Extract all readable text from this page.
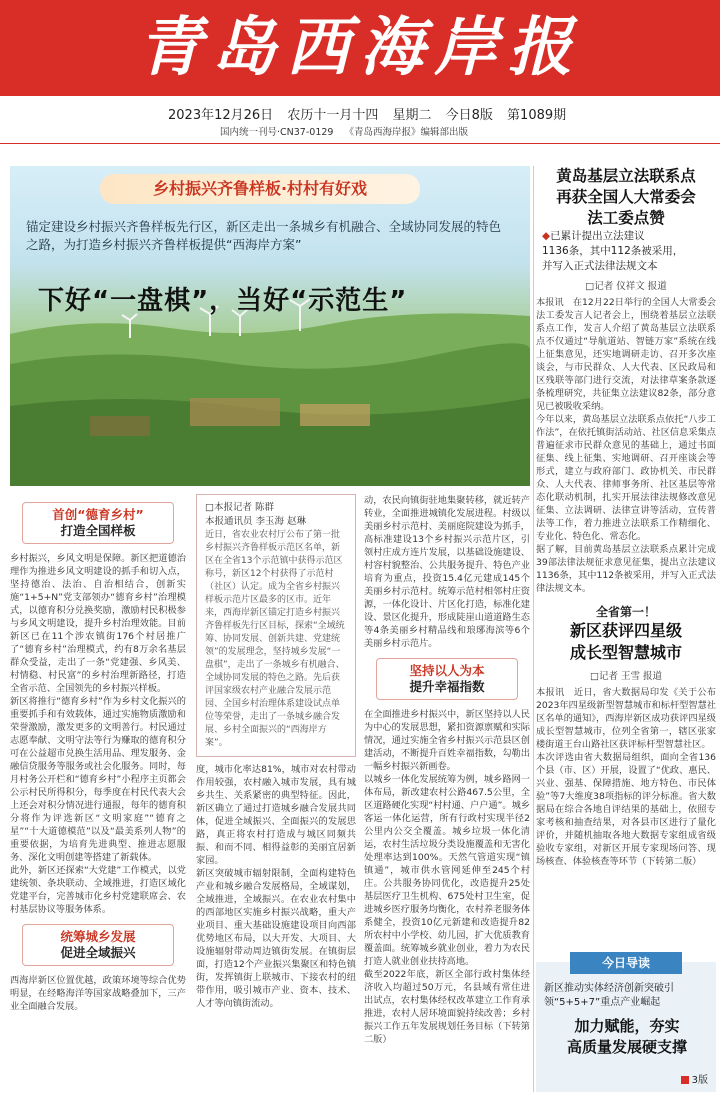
青岛西海岸报
2023年12月26日 农历十一月十四 星期二 今日8版 第1089期
国内统一刊号·CN37-0129 《青岛西海岸报》编辑部出版
乡村振兴齐鲁样板·村村有好戏
锚定建设乡村振兴齐鲁样板先行区，新区走出一条城乡有机融合、全域协同发展的特色之路，为打造乡村振兴齐鲁样板提供“西海岸方案”
下好“一盘棋”，当好“示范生”
首创“德育乡村”
打造全国样板

乡村振兴，乡风文明是保障。新区把道德治理作为推进乡风文明建设的抓手和切入点，坚持德治、法治、自治相结合，创新实施“1+5+N”党支部领办“德育乡村”治理模式，以德育积分兑换奖励，激励村民积极参与乡风文明建设，提升乡村治理效能。目前新区已在11个涉农镇街176个村居推广了“德育乡村”治理模式，约有8万余名基层群众受益，走出了一条“党建强、乡风美、村情稳、村民富”的乡村治理新路径，打造全省示范、全国领先的乡村振兴样板。

新区将推行“德育乡村”作为乡村文化振兴的重要抓手和有效载体，通过实施物质激励和荣誉激励，激发更多的文明善行。村民通过志愿奉献、文明守法等行为赚取的德育积分可在公益超市兑换生活用品、理发服务、金融信贷服务等服务或社会化服务。同时，每月村务公开栏和“德育乡村”小程序主页都会公示村民所得积分，每季度在村民代表大会上还会对积分情况进行通报，每年的德育积分将作为评选新区“文明家庭”“德育之星”“十大道德模范”以及“最美系列人物”的重要依据，为培育先进典型、推进志愿服务、深化文明创建等搭建了新载体。

此外，新区还探索“大党建”工作模式，以党建统领、条块联动、全域推进，打造区域化党建平台，完善城市化乡村党建联席会、农村基层协议等服务体系。

统筹城乡发展
促进全域振兴

西海岸新区位置优越，政策环境等综合优势明显，在经略海洋等国家战略叠加下，三产业全面融合发展。

□本报记者 陈群
本报通讯员 李玉海 赵琳

近日，省农业农村厅公布了第一批乡村振兴齐鲁样板示范区名单，新区在全省13个示范镇中获得示范区称号，新区12个村获得了示范村（社区）认定。成为全省乡村振兴样板示范片区最多的区市。近年来，西海岸新区锚定打造乡村振兴齐鲁样板先行区目标，探索“全域统筹、协同发展、创新共建、党建统领”的发展理念，坚持城乡发展“一盘棋”，走出了一条城乡有机融合、全域协同发展的特色之路。先后获评国家级农村产业融合发展示范园、全国乡村治理体系建设试点单位等荣誉，走出了一条城乡融合发展、乡村全面振兴的“西海岸方案”。

度，城市化率达81%，城市对农村带动作用较强，农村融入城市发展，具有城乡共生、关系紧密的典型特征。因此，新区确立了通过打造城乡融合发展共同体，促进全域振兴、全面振兴的发展思路，真正将农村打造成与城区同频共振、和而不同、相得益彰的美丽宜居新家园。

新区突破城市辐射限制，全面构建特色产业和城乡融合发展格局，全域谋划，全域推进，全域振兴。在农业农村集中的西部地区实施乡村振兴战略，重大产业项目、重大基础设施建设项目向西部优势地区布局，以大开发、大项目、大设施辐射带动周边镇街发展。在镇街层面，打造12个产业振兴集聚区和特色镇街，发挥镇街上联城市、下接农村的纽带作用，吸引城市产业、资本、技术、人才等向镇街流动。

动，农民向镇街驻地集聚转移，就近转产转业，全面推进城镇化发展进程。村级以美丽乡村示范村、美丽庭院建设为抓手，高标准建设13个乡村振兴示范片区，引领村庄成方连片发展，以基础设施建设、村容村貌整治、公共服务提升、特色产业培育为重点，投资15.4亿元建成145个美丽乡村示范村。统筹示范村相邻村庄资源，一体化设计、片区化打造，标准化建设、景区化提升，形成陡崖山道道路生态等4条美丽乡村精品线和琅琊海滨等6个美丽乡村示范片。

坚持以人为本
提升幸福指数

在全面推进乡村振兴中，新区坚持以人民为中心的发展思想，紧扣资源禀赋和实际情况，通过实施全省乡村振兴示范县区创建活动，不断提升百姓幸福指数，勾勒出一幅乡村振兴新画卷。

以城乡一体化发展统筹为例，城乡路网一体布局，新改建农村公路467.5公里，全区道路硬化实现“村村通、户户通”。城乡客运一体化运营，所有行政村实现半径2公里内公交全覆盖。城乡垃圾一体化清运，农村生活垃圾分类设施覆盖和无害化处理率达到100%。天然气管道实现“镇镇通”，城市供水管网延伸至245个村庄。公共服务协同优化，改造提升25处基层医疗卫生机构、675处村卫生室，促进城乡医疗服务均衡化，农村养老服务体系健全，投资10亿元新建和改造提升82所农村中小学校、幼儿园，扩大优质教育覆盖面。统筹城乡就业创业，着力为农民打造人就业创业扶持高地。

截至2022年底，新区全部行政村集体经济收入均超过50万元，名县域有常住进出试点，农村集体经权改革建立工作育承推进，农村人居环境面貌持续改善；乡村振兴工作五年发展规划任务目标（下转第二版）

黄岛基层立法联系点
再获全国人大常委会
法工委点赞
◆已累计提出立法建议
1136条，其中112条被采用，
并写入正式法律法规文本
□记者 仪祥文 报道

本报讯　在12月22日举行的全国人大常委会法工委发言人记者会上，围绕着基层立法联系点工作，发言人介绍了黄岛基层立法联系点不仅通过“导航道站、智链万家”系统在线上征集意见，还实地调研走访、召开多次座谈会，与市民群众、人大代表、区民政局和区残联等部门进行交流，对法律草案条款逐条梳理研究，共征集立法建议82条，部分意见已被吸收采纳。

今年以来，黄岛基层立法联系点依托“八步工作法”，在依托镇街活动站、社区信息采集点普遍征求市民群众意见的基础上，通过书面征集、线上征集、实地调研、召开座谈会等形式，建立与政府部门、政协机关、市民群众、人大代表、律师事务所、社区基层等常态化联动机制，扎实开展法律法规修改意见征集、立法调研、法律宣讲等活动，宣传普法等工作，着力推进立法联系工作精细化、专业化、特色化、常态化。

据了解，目前黄岛基层立法联系点累计完成39部法律法规征求意见征集，提出立法建议1136条，其中112条被采用，并写入正式法律法规文本。

全省第一！
新区获评四星级
成长型智慧城市
□记者 王雪 报道

本报讯　近日，省大数据局印发《关于公布2023年四星级新型智慧城市和标杆型智慧社区名单的通知》，西海岸新区成功获评四星级成长型智慧城市，位列全省第一，辖区张家楼街道王台山路社区获评标杆型智慧社区。

本次评选由省大数据局组织，面向全省136个县（市、区）开展，设置了“优政、惠民、兴业、强基、保障措施、地方特色、市民体验”等7大维度38项指标的评分标准。省大数据局在综合各地自评结果的基础上，依照专家考核和抽查结果，对各县市区进行了量化评价，并随机抽取各地大数据专家组成省级验收专家组，对新区开展专家现场问答、现场核查、体验核查等环节（下转第二版）

今日导读
新区推动实体经济创新突破引领“5+5+7”重点产业崛起
加力赋能，夯实
高质量发展硬支撑
3版
